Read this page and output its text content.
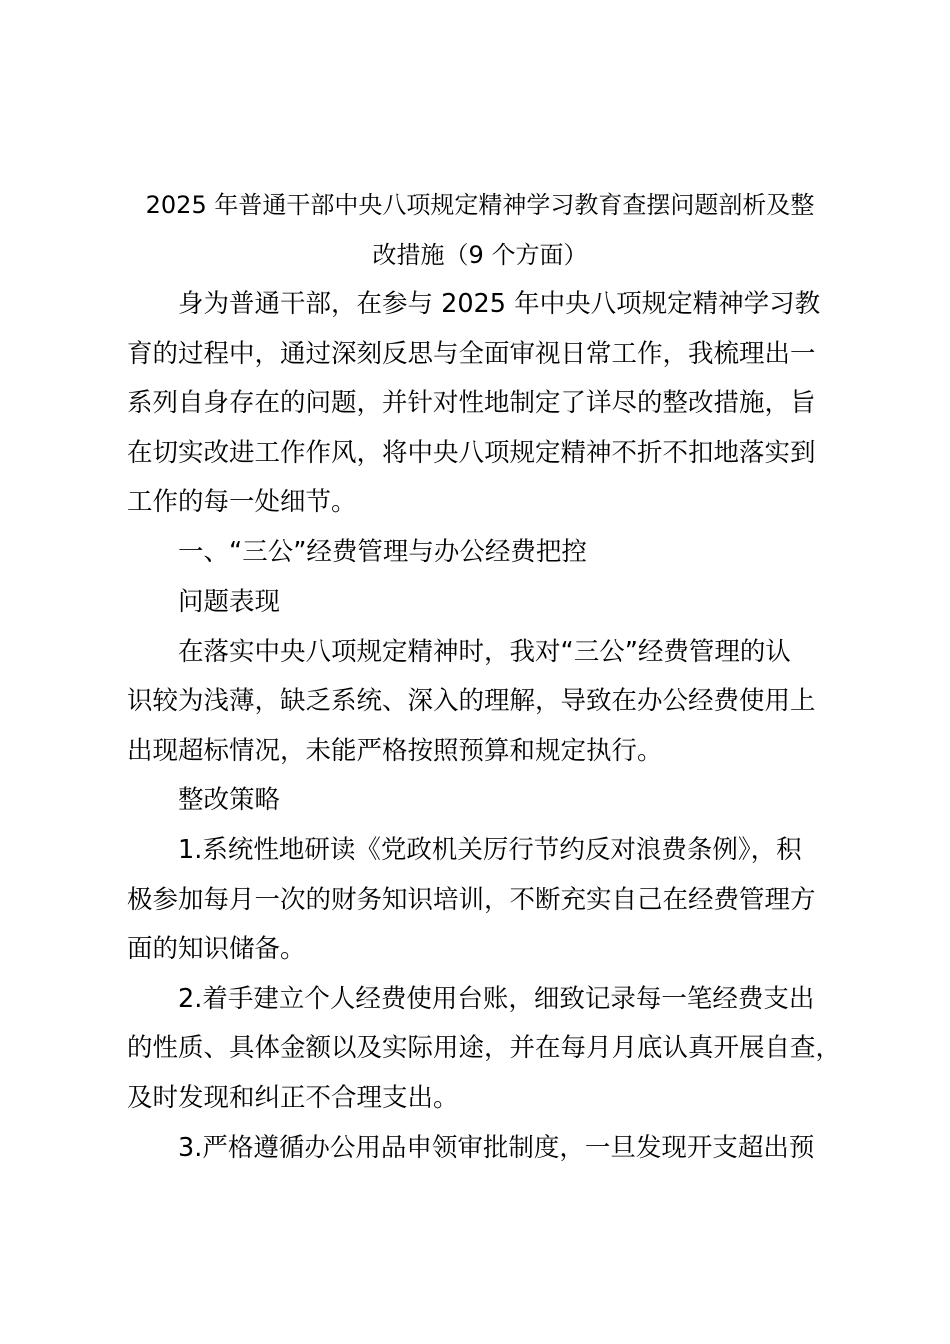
2025 年普通干部中央八项规定精神学习教育查摆问题剖析及整
改措施（9 个方面）
身为普通干部，在参与 2025 年中央八项规定精神学习教
育的过程中，通过深刻反思与全面审视日常工作，我梳理出一
系列自身存在的问题，并针对性地制定了详尽的整改措施，旨
在切实改进工作作风，将中央八项规定精神不折不扣地落实到
工作的每一处细节。
一、“三公”经费管理与办公经费把控
问题表现
在落实中央八项规定精神时，我对“三公”经费管理的认
识较为浅薄，缺乏系统、深入的理解，导致在办公经费使用上
出现超标情况，未能严格按照预算和规定执行。
整改策略
1.系统性地研读《党政机关厉行节约反对浪费条例》，积
极参加每月一次的财务知识培训，不断充实自己在经费管理方
面的知识储备。
2.着手建立个人经费使用台账，细致记录每一笔经费支出
的性质、具体金额以及实际用途，并在每月月底认真开展自查，
及时发现和纠正不合理支出。
3.严格遵循办公用品申领审批制度，一旦发现开支超出预
